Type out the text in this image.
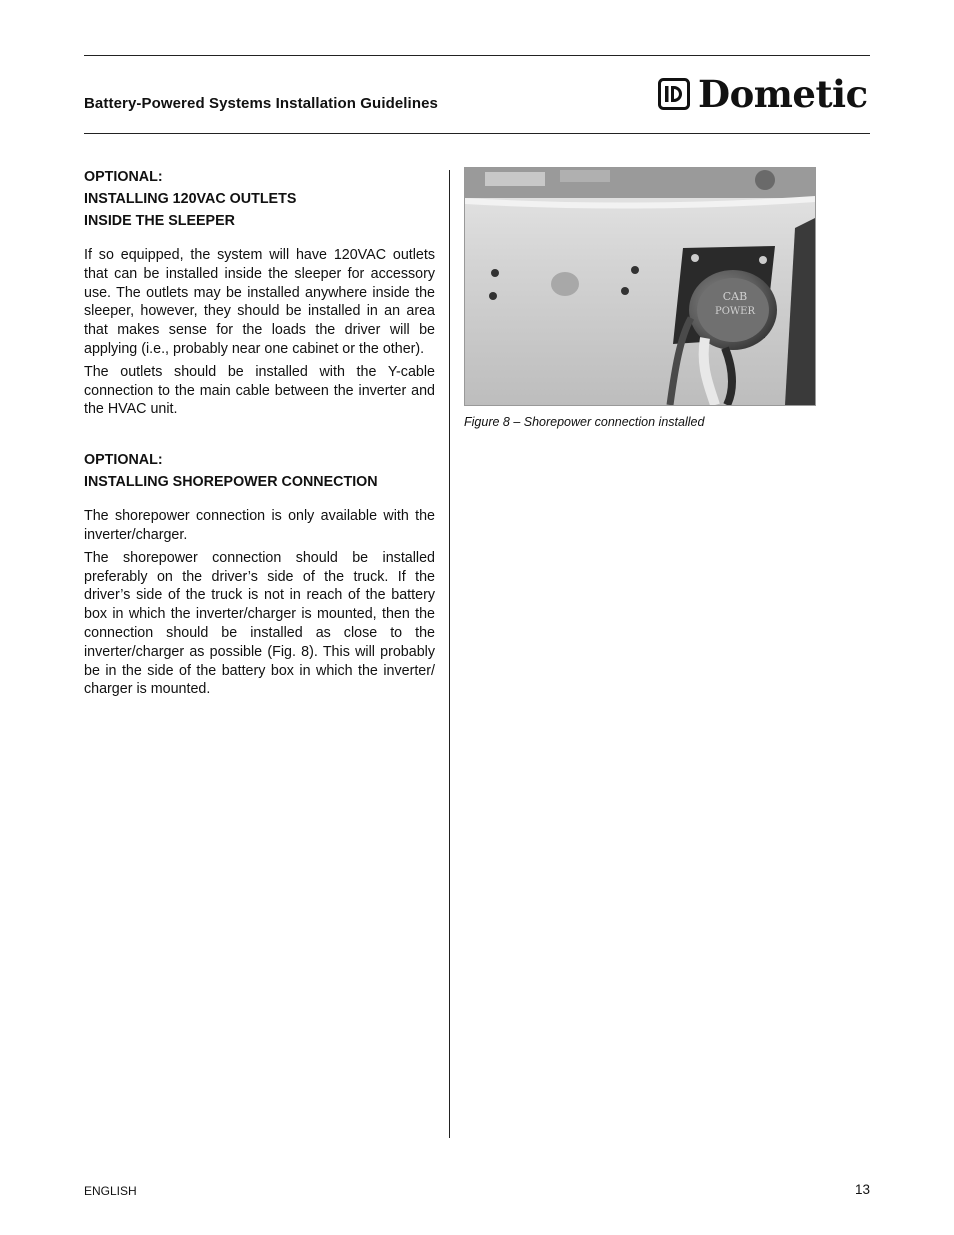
Battery-Powered Systems Installation Guidelines	Dometic
OPTIONAL:
INSTALLING 120VAC OUTLETS
INSIDE THE SLEEPER

If so equipped, the system will have 120VAC outlets that can be installed inside the sleeper for accessory use. The outlets may be installed anywhere inside the sleeper, however, they should be installed in an area that makes sense for the loads the driver will be applying (i.e., probably near one cabinet or the other).

The outlets should be installed with the Y-cable connection to the main cable between the inverter and the HVAC unit.

OPTIONAL:
INSTALLING SHOREPOWER CONNECTION

The shorepower connection is only available with the inverter/charger.

The shorepower connection should be installed preferably on the driver’s side of the truck. If the driver’s side of the truck is not in reach of the battery box in which the inverter/charger is mounted, then the connection should be installed as close to the inverter/charger as possible (Fig. 8). This will probably be in the side of the battery box in which the inverter/ charger is mounted.

CAB
POWER
Figure 8 – Shorepower connection installed
ENGLISH	13
